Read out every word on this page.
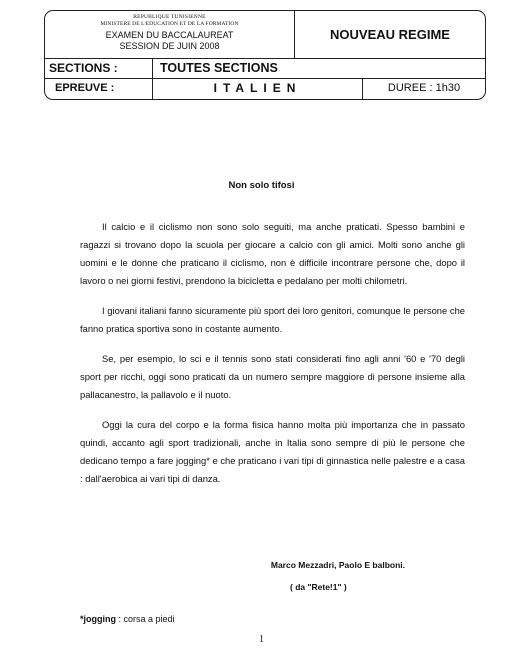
REPUBLIQUE TUNISIENNE
MINISTERE DE L'EDUCATION ET DE LA FORMATION
EXAMEN DU BACCALAUREAT
SESSION DE JUIN 2008
NOUVEAU REGIME
SECTIONS :	TOUTES SECTIONS
EPREUVE :	ITALIEN	DUREE : 1h30
Non solo tifosi

Il calcio e il ciclismo non sono solo seguiti, ma anche praticati. Spesso bambini e ragazzi si trovano dopo la scuola per giocare a calcio con gli amici. Molti sono anche gli uomini e le donne che praticano il ciclismo, non è difficile incontrare persone che, dopo il lavoro o nei giorni festivi, prendono la bicicletta e pedalano per molti chilometri.

I giovani italiani fanno sicuramente più sport dei loro genitori, comunque le persone che fanno pratica sportiva sono in costante aumento.

Se, per esempio, lo sci e il tennis sono stati considerati fino agli anni '60 e '70 degli sport per ricchi, oggi sono praticati da un numero sempre maggiore di persone insieme alla pallacanestro, la pallavolo e il nuoto.

Oggi la cura del corpo e la forma fisica hanno molta più importanza che in passato quindi, accanto agli sport tradizionali, anche in Italia sono sempre di più le persone che dedicano tempo a fare jogging* e che praticano i vari tipi di ginnastica nelle palestre e a casa : dall'aerobica ai vari tipi di danza.

Marco Mezzadri, Paolo E balboni.
( da "Rete!1" )
*jogging : corsa a piedi
1
